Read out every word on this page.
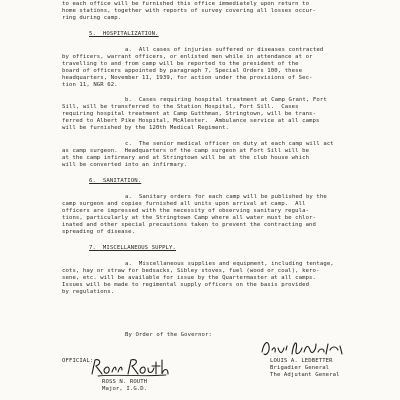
to each office will be furnished this office immediately upon return to

home stations, together with reports of survey covering all losses occur-

ring during camp.

5.  HOSPITALIZATION.

a.  All cases of injuries suffered or diseases contracted

by officers, warrant officers, or enlisted men while in attendance at or

travelling to and from camp will be reported to the president of the

board of officers appointed by paragraph 7, Special Orders 100, these

headquarters, November 11, 1939, for action under the provisions of Sec-

tion 11, NGR 62.

b.  Cases requiring hospital treatment at Camp Grant, Fort

Sill, will be transferred to the Station Hospital, Fort Sill.  Cases

requiring hospital treatment at Camp Gutthman, Stringtown, will be trans-

ferred to Albert Pike Hospital, McAlester.  Ambulance service at all camps

will be furnished by the 120th Medical Regiment.

c.  The senior medical officer on duty at each camp will act

as camp surgeon.  Headquarters of the camp surgeon at Fort Sill will be

at the camp infirmary and at Stringtown will be at the club house which

will be converted into an infirmary.

6.  SANITATION.

a.  Sanitary orders for each camp will be published by the

camp surgeon and copies furnished all units upon arrival at camp.  All

officers are impressed with the necessity of observing sanitary regula-

tions, particularly at the Stringtown Camp where all water must be chlor-

inated and other special precautions taken to prevent the contracting and

spreading of disease.

7.  MISCELLANEOUS SUPPLY.

a.  Miscellaneous supplies and equipment, including tentage,

cots, hay or straw for bedsacks, Sibley stoves, fuel (wood or coal), kero-

sene, etc. will be available for issue by the Quartermaster at all camps.

Issues will be made to regimental supply officers on the basis provided

by regulations.

By Order of the Governor:

LOUIS A. LEDBETTER

Brigadier General

The Adjutant General

OFFICIAL:

ROSS N. ROUTH

Major, I.G.D.
